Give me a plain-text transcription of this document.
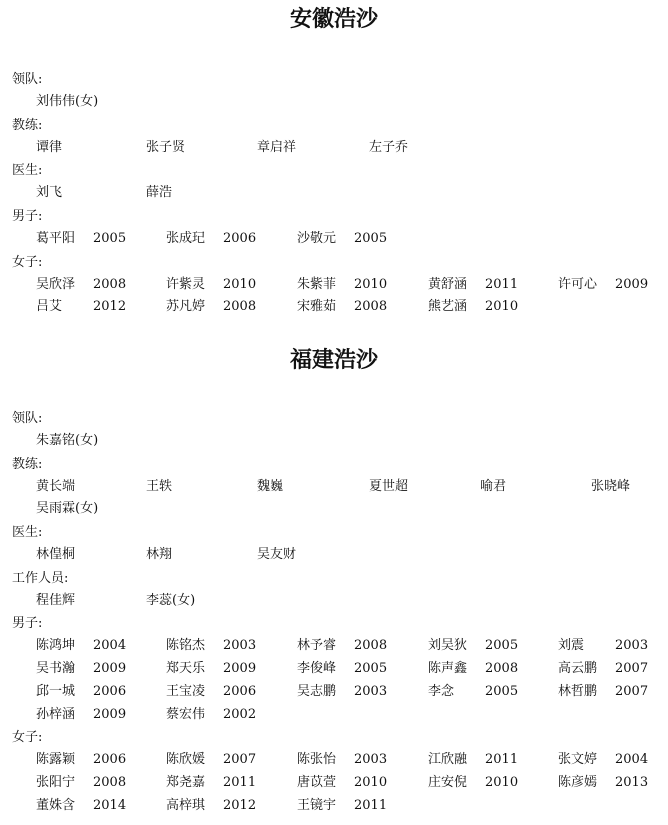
安徽浩沙
领队:
刘伟伟(女)
教练:
谭律	张子贤	章启祥	左子乔
医生:
刘飞	薛浩
男子:
葛平阳 2005	张成玘 2006	沙敬元 2005
女子:
吴欣泽 2008	许紫灵 2010	朱紫菲 2010	黄舒涵 2011	许可心 2009
吕艾 2012	苏凡婷 2008	宋雅茹 2008	熊艺涵 2010
福建浩沙
领队:
朱嘉铭(女)
教练:
黄长端	王轶	魏巍	夏世超	喻君	张晓峰
吴雨霖(女)
医生:
林偟桐	林翔	吴友财
工作人员:
程佳辉	李蕊(女)
男子:
陈鸿坤 2004	陈铭杰 2003	林予睿 2008	刘吴狄 2005	刘震 2003
吴书瀚 2009	郑天乐 2009	李俊峰 2005	陈声鑫 2008	高云鹏 2007
邱一城 2006	王宝凌 2006	吴志鹏 2003	李念 2005	林哲鹏 2007
孙梓涵 2009	蔡宏伟 2002
女子:
陈露颖 2006	陈欣媛 2007	陈张怡 2003	江欣融 2011	张文婷 2004
张阳宁 2008	郑尧嘉 2011	唐苡萱 2010	庄安倪 2010	陈彦嫣 2013
董姝含 2014	高梓琪 2012	王镜宇 2011
